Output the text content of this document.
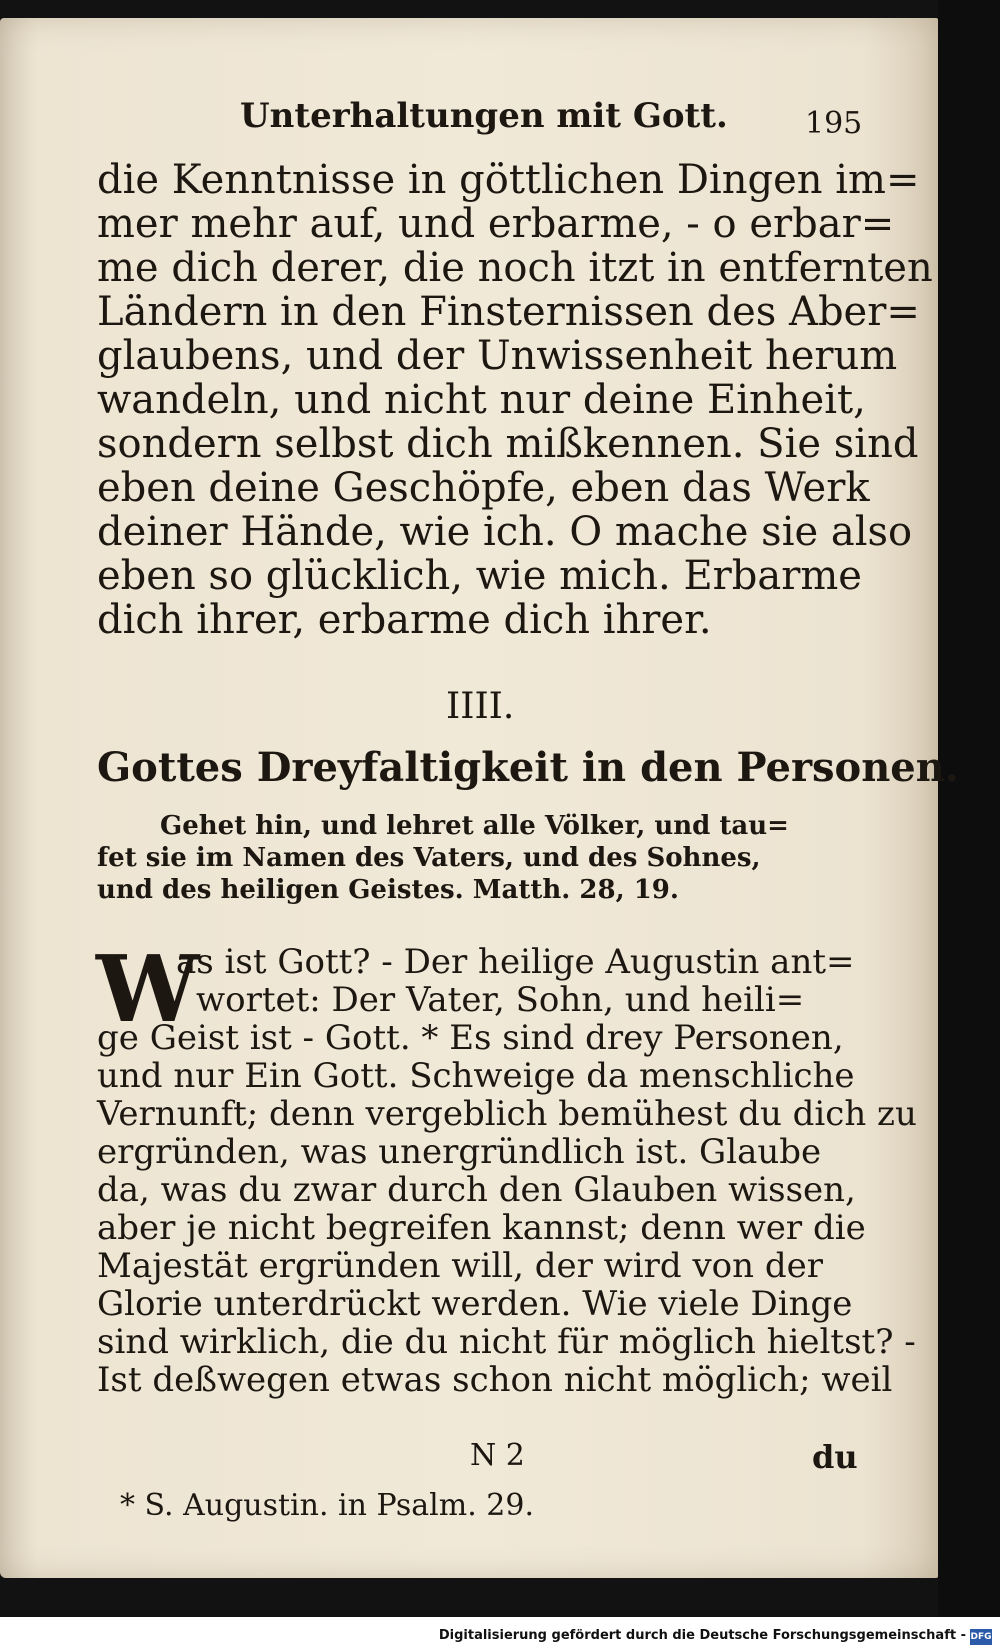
Unterhaltungen mit Gott.	195
die Kenntnisse in göttlichen Dingen im=
mer mehr auf, und erbarme, - o erbar=
me dich derer, die noch itzt in entfernten
Ländern in den Finsternissen des Aber=
glaubens, und der Unwissenheit herum
wandeln, und nicht nur deine Einheit,
sondern selbst dich mißkennen. Sie sind
eben deine Geschöpfe, eben das Werk
deiner Hände, wie ich. O mache sie also
eben so glücklich, wie mich. Erbarme
dich ihrer, erbarme dich ihrer.
IIII.
Gottes Dreyfaltigkeit in den Personen.
Gehet hin, und lehret alle Völker, und tau=
fet sie im Namen des Vaters, und des Sohnes,
und des heiligen Geistes. Matth. 28, 19.
W
as ist Gott? - Der heilige Augustin ant=
wortet: Der Vater, Sohn, und heili=
ge Geist ist - Gott. * Es sind drey Personen,
und nur Ein Gott. Schweige da menschliche
Vernunft; denn vergeblich bemühest du dich zu
ergründen, was unergründlich ist. Glaube
da, was du zwar durch den Glauben wissen,
aber je nicht begreifen kannst; denn wer die
Majestät ergründen will, der wird von der
Glorie unterdrückt werden. Wie viele Dinge
sind wirklich, die du nicht für möglich hieltst? -
Ist deßwegen etwas schon nicht möglich; weil
N 2	du
* S. Augustin. in Psalm. 29.
Digitalisierung gefördert durch die Deutsche Forschungsgemeinschaft - DFG
